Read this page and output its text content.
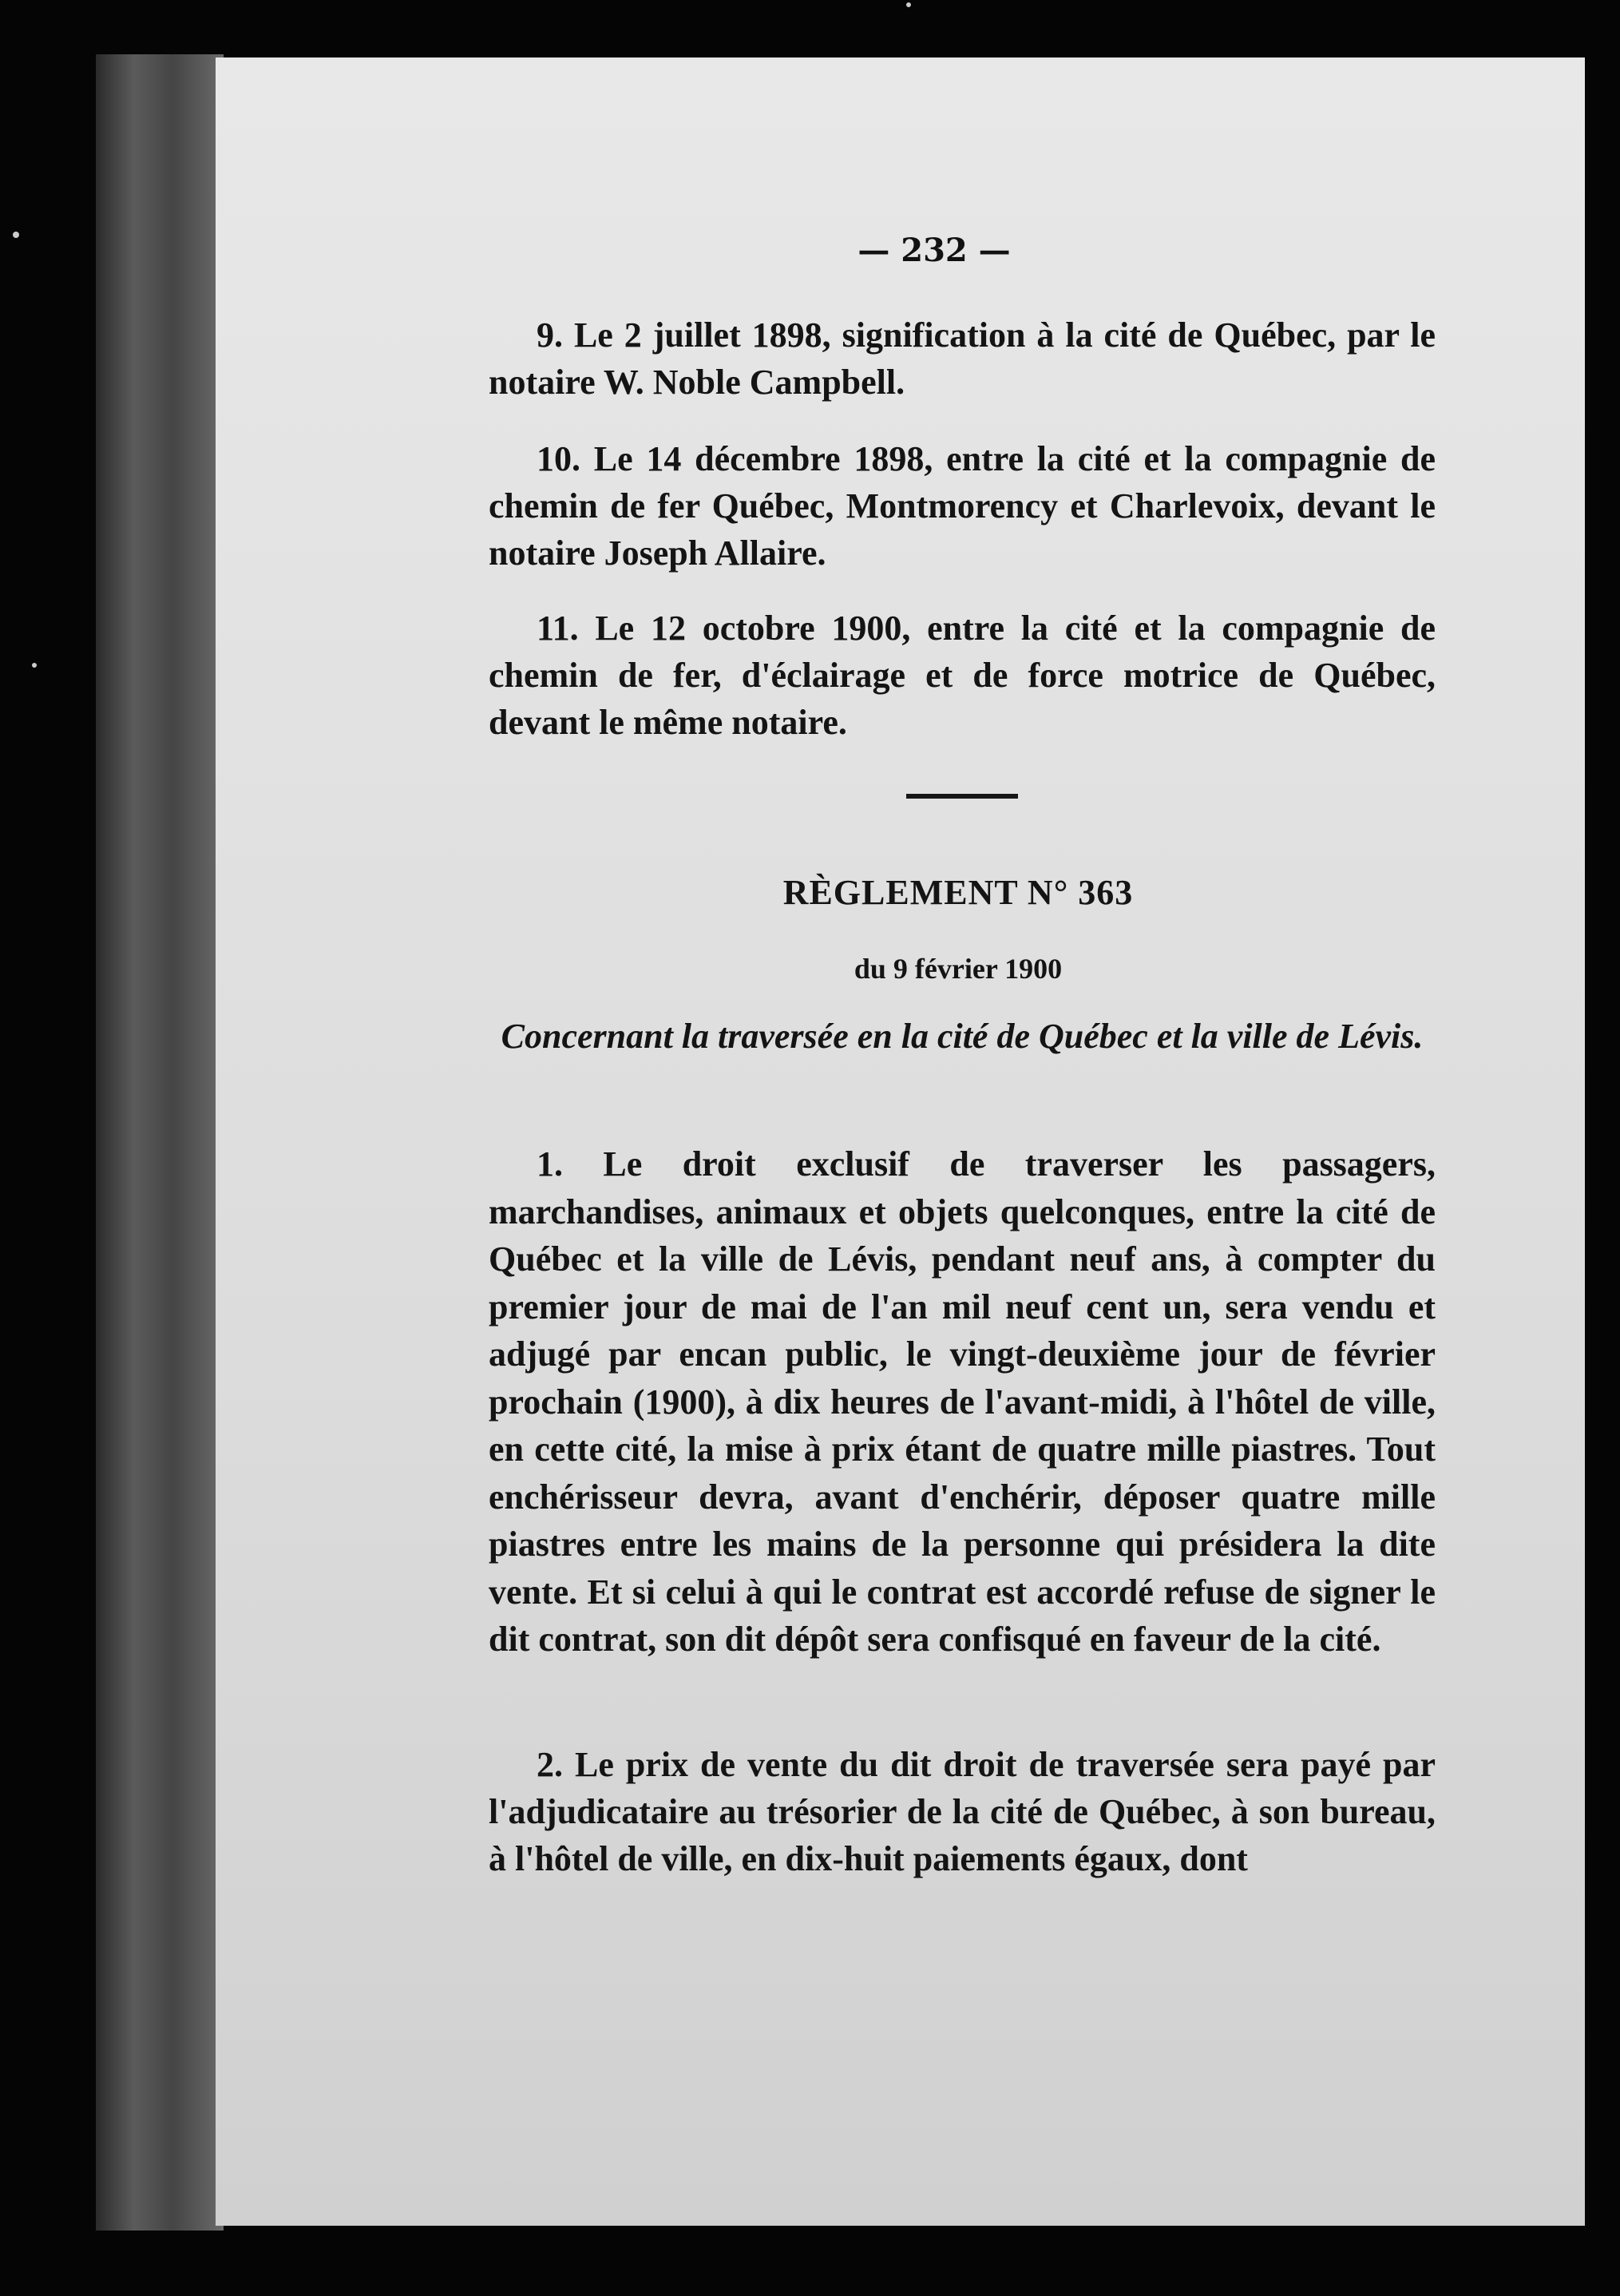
— 232 —

9. Le 2 juillet 1898, signification à la cité de Québec, par le notaire W. Noble Campbell.

10. Le 14 décembre 1898, entre la cité et la compagnie de chemin de fer Québec, Montmorency et Charlevoix, devant le notaire Joseph Allaire.

11. Le 12 octobre 1900, entre la cité et la compagnie de chemin de fer, d'éclairage et de force motrice de Québec, devant le même notaire.

RÈGLEMENT N° 363
du 9 février 1900
Concernant la traversée en la cité de Québec et la ville de Lévis.

1. Le droit exclusif de traverser les passagers, marchandises, animaux et objets quelconques, entre la cité de Québec et la ville de Lévis, pendant neuf ans, à compter du premier jour de mai de l'an mil neuf cent un, sera vendu et adjugé par encan public, le vingt-deuxième jour de février prochain (1900), à dix heures de l'avant-midi, à l'hôtel de ville, en cette cité, la mise à prix étant de quatre mille piastres. Tout enchérisseur devra, avant d'enchérir, déposer quatre mille piastres entre les mains de la personne qui présidera la dite vente. Et si celui à qui le contrat est accordé refuse de signer le dit contrat, son dit dépôt sera confisqué en faveur de la cité.

2. Le prix de vente du dit droit de traversée sera payé par l'adjudicataire au trésorier de la cité de Québec, à son bureau, à l'hôtel de ville, en dix-huit paiements égaux, dont
